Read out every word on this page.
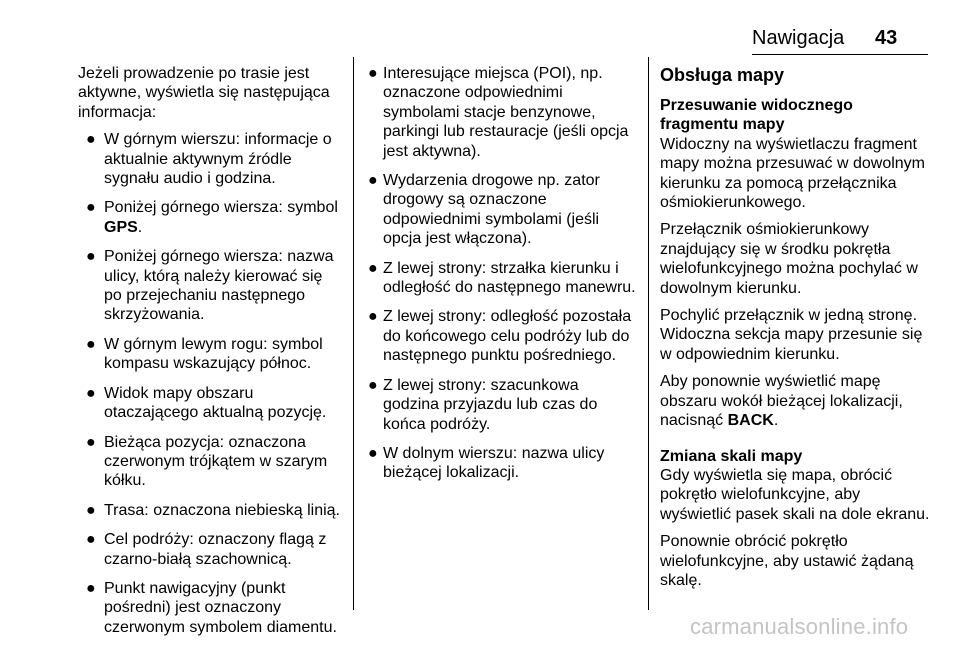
Nawigacja 43

Jeżeli prowadzenie po trasie jest aktywne, wyświetla się następująca informacja:

● W górnym wierszu: informacje o aktualnie aktywnym źródle sygnału audio i godzina.
● Poniżej górnego wiersza: symbol GPS.
● Poniżej górnego wiersza: nazwa ulicy, którą należy kierować się po przejechaniu następnego skrzyżowania.
● W górnym lewym rogu: symbol kompasu wskazujący północ.
● Widok mapy obszaru otaczającego aktualną pozycję.
● Bieżąca pozycja: oznaczona czerwonym trójkątem w szarym kółku.
● Trasa: oznaczona niebieską linią.
● Cel podróży: oznaczony flagą z czarno-białą szachownicą.
● Punkt nawigacyjny (punkt pośredni) jest oznaczony czerwonym symbolem diamentu.
● Interesujące miejsca (POI), np. oznaczone odpowiednimi symbolami stacje benzynowe, parkingi lub restauracje (jeśli opcja jest aktywna).
● Wydarzenia drogowe np. zator drogowy są oznaczone odpowiednimi symbolami (jeśli opcja jest włączona).
● Z lewej strony: strzałka kierunku i odległość do następnego manewru.
● Z lewej strony: odległość pozostała do końcowego celu podróży lub do następnego punktu pośredniego.
● Z lewej strony: szacunkowa godzina przyjazdu lub czas do końca podróży.
● W dolnym wierszu: nazwa ulicy bieżącej lokalizacji.
Obsługa mapy
Przesuwanie widocznego fragmentu mapy

Widoczny na wyświetlaczu fragment mapy można przesuwać w dowolnym kierunku za pomocą przełącznika ośmiokierunkowego.

Przełącznik ośmiokierunkowy znajdujący się w środku pokrętła wielofunkcyjnego można pochylać w dowolnym kierunku.

Pochylić przełącznik w jedną stronę. Widoczna sekcja mapy przesunie się w odpowiednim kierunku.

Aby ponownie wyświetlić mapę obszaru wokół bieżącej lokalizacji, nacisnąć BACK.

Zmiana skali mapy

Gdy wyświetla się mapa, obrócić pokrętło wielofunkcyjne, aby wyświetlić pasek skali na dole ekranu.

Ponownie obrócić pokrętło wielofunkcyjne, aby ustawić żądaną skalę.

carmanualsonline.info
